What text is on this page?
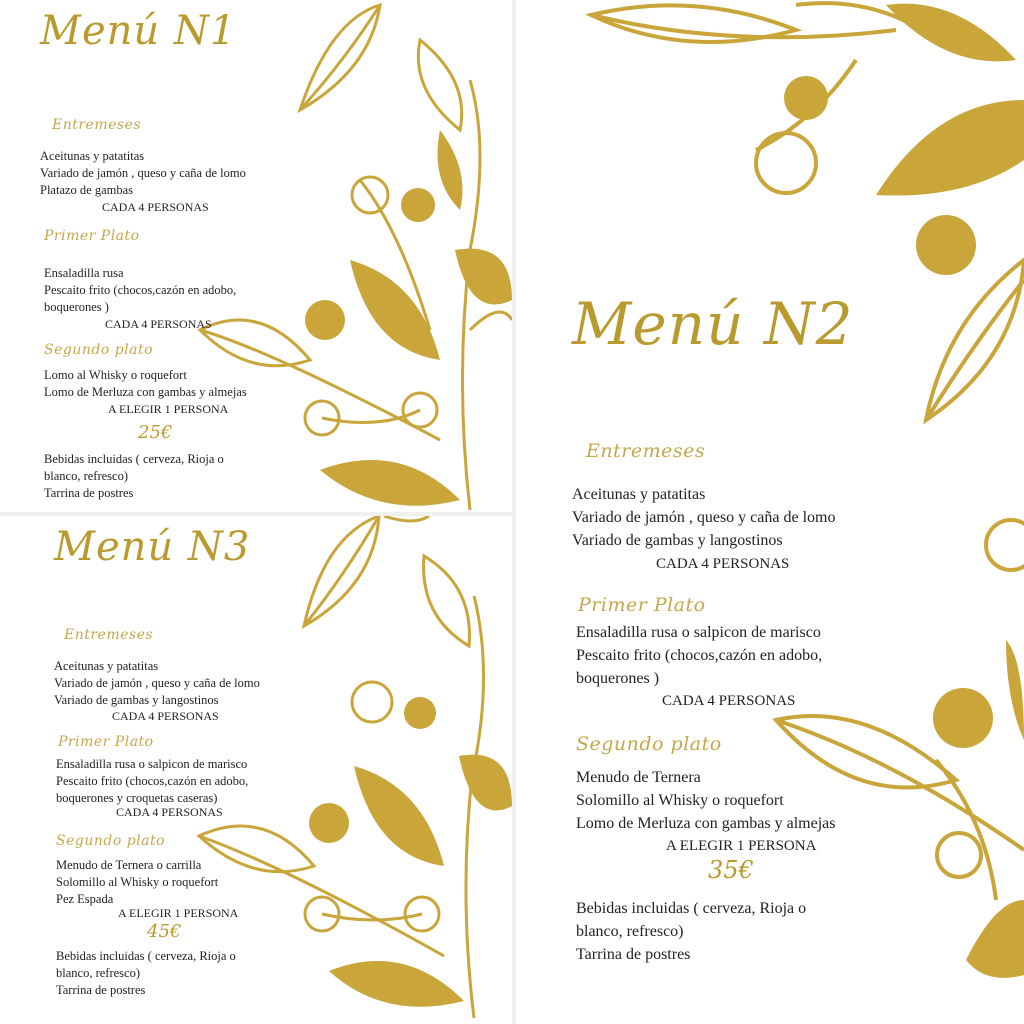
Menú N1
Entremeses
Aceitunas y patatitas
Variado de jamón , queso y caña de lomo
Platazo de gambas
CADA 4 PERSONAS
Primer Plato
Ensaladilla rusa
Pescaito frito (chocos,cazón en adobo,
boquerones )
CADA 4 PERSONAS
Segundo plato
Lomo al Whisky o roquefort
Lomo de Merluza con gambas y almejas
A ELEGIR 1 PERSONA
25€
Bebidas incluidas ( cerveza, Rioja o
blanco, refresco)
Tarrina de postres
Menú N2
Entremeses
Aceitunas y patatitas
Variado de jamón , queso y caña de lomo
Variado de gambas y langostinos
CADA 4 PERSONAS
Primer Plato
Ensaladilla rusa o salpicon de marisco
Pescaito frito (chocos,cazón en adobo,
boquerones )
CADA 4 PERSONAS
Segundo plato
Menudo de Ternera
Solomillo al Whisky o roquefort
Lomo de Merluza con gambas y almejas
A ELEGIR 1 PERSONA
35€
Bebidas incluidas ( cerveza, Rioja o
blanco, refresco)
Tarrina de postres
Menú N3
Entremeses
Aceitunas y patatitas
Variado de jamón , queso y caña de lomo
Variado de gambas y langostinos
CADA 4 PERSONAS
Primer Plato
Ensaladilla rusa o salpicon de marisco
Pescaito frito (chocos,cazón en adobo,
boquerones y croquetas caseras)
CADA 4 PERSONAS
Segundo plato
Menudo de Ternera o carrilla
Solomillo al Whisky o roquefort
Pez Espada
A ELEGIR 1 PERSONA
45€
Bebidas incluidas ( cerveza, Rioja o
blanco, refresco)
Tarrina de postres
